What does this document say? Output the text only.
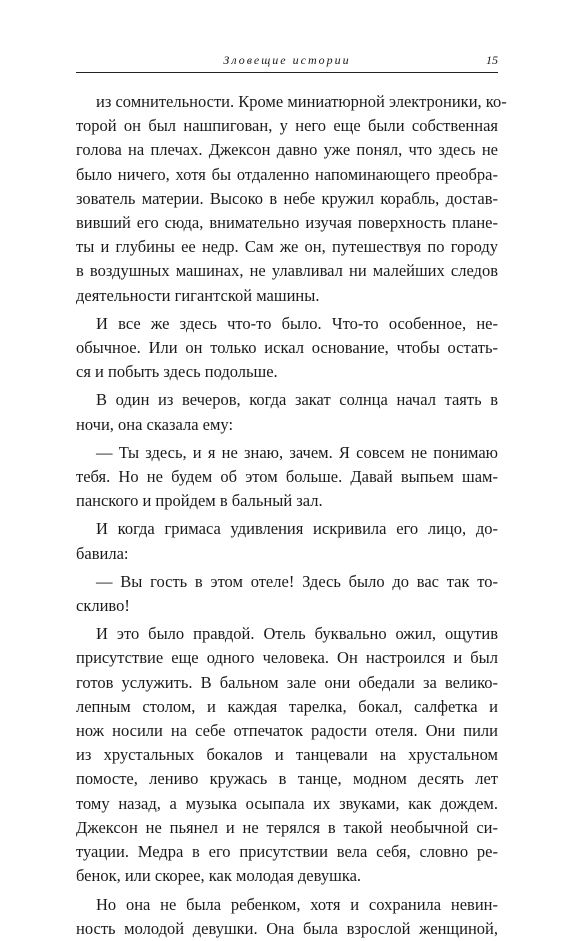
Зловещие истории	15
из сомнительности. Кроме миниатюрной электроники, ко-
торой он был нашпигован, у него еще были собственная
голова на плечах. Джексон давно уже понял, что здесь не
было ничего, хотя бы отдаленно напоминающего преобра-
зователь материи. Высоко в небе кружил корабль, достав-
вивший его сюда, внимательно изучая поверхность плане-
ты и глубины ее недр. Сам же он, путешествуя по городу
в воздушных машинах, не улавливал ни малейших следов
деятельности гигантской машины.
И все же здесь что-то было. Что-то особенное, не-
обычное. Или он только искал основание, чтобы остать-
ся и побыть здесь подольше.
В один из вечеров, когда закат солнца начал таять в
ночи, она сказала ему:
— Ты здесь, и я не знаю, зачем. Я совсем не понимаю
тебя. Но не будем об этом больше. Давай выпьем шам-
панского и пройдем в бальный зал.
И когда гримаса удивления искривила его лицо, до-
бавила:
— Вы гость в этом отеле! Здесь было до вас так то-
скливо!
И это было правдой. Отель буквально ожил, ощутив
присутствие еще одного человека. Он настроился и был
готов услужить. В бальном зале они обедали за велико-
лепным столом, и каждая тарелка, бокал, салфетка и
нож носили на себе отпечаток радости отеля. Они пили
из хрустальных бокалов и танцевали на хрустальном
помосте, лениво кружась в танце, модном десять лет
тому назад, а музыка осыпала их звуками, как дождем.
Джексон не пьянел и не терялся в такой необычной си-
туации. Медра в его присутствии вела себя, словно ре-
бенок, или скорее, как молодая девушка.
Но она не была ребенком, хотя и сохранила невин-
ность молодой девушки. Она была взрослой женщиной,
